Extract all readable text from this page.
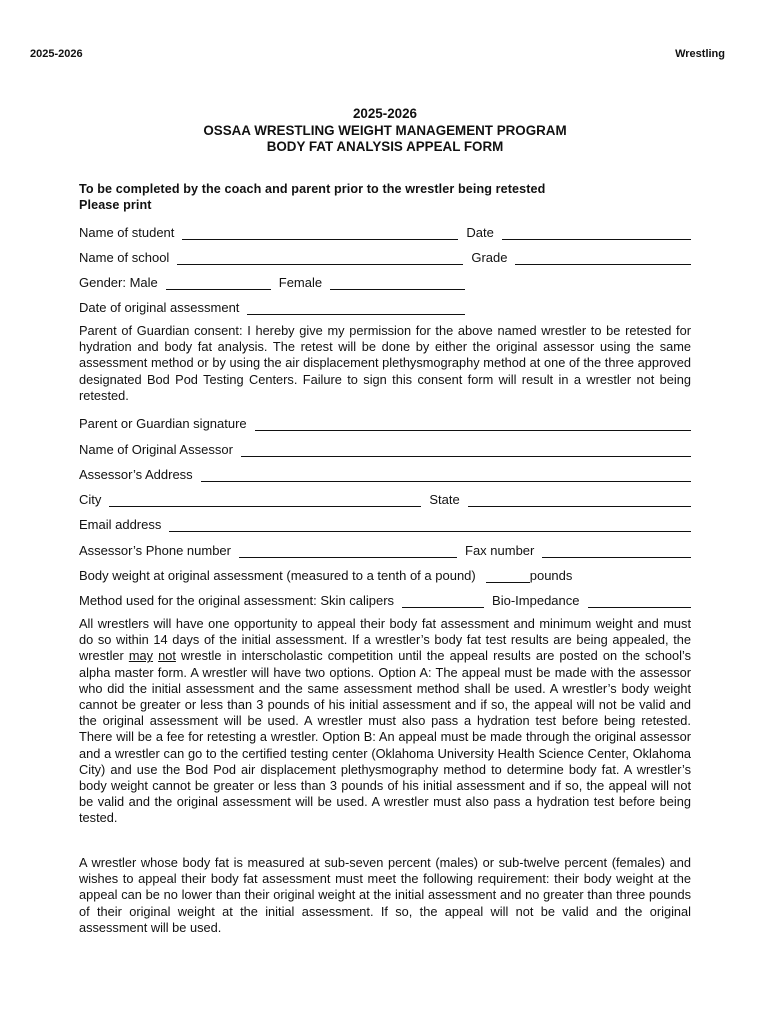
2025-2026	Wrestling
2025-2026
OSSAA WRESTLING WEIGHT MANAGEMENT PROGRAM
BODY FAT ANALYSIS APPEAL FORM
To be completed by the coach and parent prior to the wrestler being retested
Please print
Name of student	Date
Name of school	Grade
Gender: Male	Female
Date of original assessment
Parent of Guardian consent: I hereby give my permission for the above named wrestler to be retested for hydration and body fat analysis. The retest will be done by either the original assessor using the same assessment method or by using the air displacement plethysmography method at one of the three approved designated Bod Pod Testing Centers. Failure to sign this consent form will result in a wrestler not being retested.
Parent or Guardian signature
Name of Original Assessor
Assessor’s Address
City	State
Email address
Assessor’s Phone number	Fax number
Body weight at original assessment (measured to a tenth of a pound)	pounds
Method used for the original assessment: Skin calipers	Bio-Impedance
All wrestlers will have one opportunity to appeal their body fat assessment and minimum weight and must do so within 14 days of the initial assessment. If a wrestler’s body fat test results are being appealed, the wrestler may not wrestle in interscholastic competition until the appeal results are posted on the school’s alpha master form. A wrestler will have two options. Option A: The appeal must be made with the assessor who did the initial assessment and the same assessment method shall be used. A wrestler’s body weight cannot be greater or less than 3 pounds of his initial assessment and if so, the appeal will not be valid and the original assessment will be used. A wrestler must also pass a hydration test before being retested. There will be a fee for retesting a wrestler. Option B: An appeal must be made through the original assessor and a wrestler can go to the certified testing center (Oklahoma University Health Science Center, Oklahoma City) and use the Bod Pod air displacement plethysmography method to determine body fat. A wrestler’s body weight cannot be greater or less than 3 pounds of his initial assessment and if so, the appeal will not be valid and the original assessment will be used. A wrestler must also pass a hydration test before being tested.
A wrestler whose body fat is measured at sub-seven percent (males) or sub-twelve percent (females) and wishes to appeal their body fat assessment must meet the following requirement: their body weight at the appeal can be no lower than their original weight at the initial assessment and no greater than three pounds of their original weight at the initial assessment. If so, the appeal will not be valid and the original assessment will be used.
